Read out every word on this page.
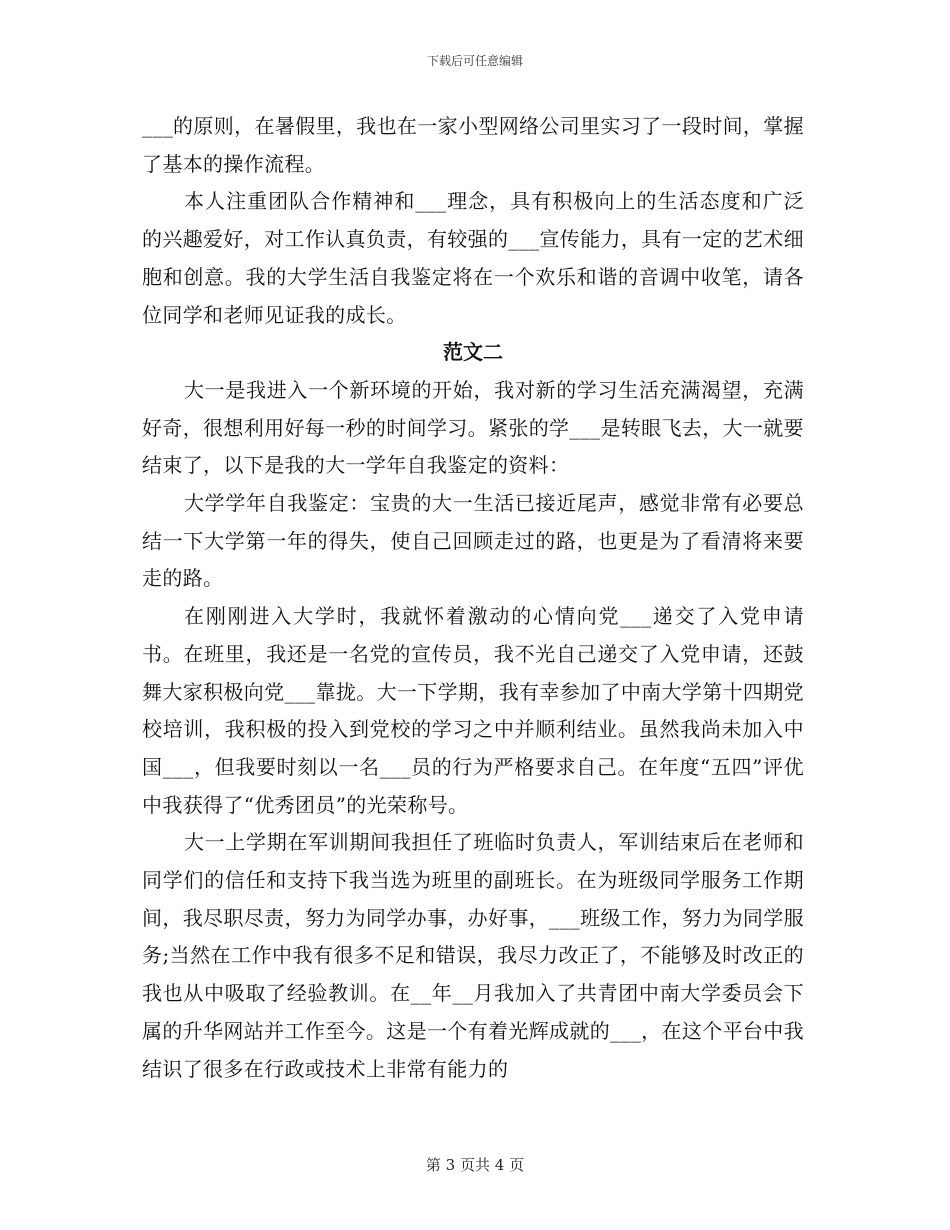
下载后可任意编辑

___的原则，在暑假里，我也在一家小型网络公司里实习了一段时间，掌握了基本的操作流程。

本人注重团队合作精神和___理念，具有积极向上的生活态度和广泛的兴趣爱好，对工作认真负责，有较强的___宣传能力，具有一定的艺术细胞和创意。我的大学生活自我鉴定将在一个欢乐和谐的音调中收笔，请各位同学和老师见证我的成长。

范文二

大一是我进入一个新环境的开始，我对新的学习生活充满渴望，充满好奇，很想利用好每一秒的时间学习。紧张的学___是转眼飞去，大一就要结束了，以下是我的大一学年自我鉴定的资料：

大学学年自我鉴定：宝贵的大一生活已接近尾声，感觉非常有必要总结一下大学第一年的得失，使自己回顾走过的路，也更是为了看清将来要走的路。

在刚刚进入大学时，我就怀着激动的心情向党___递交了入党申请书。在班里，我还是一名党的宣传员，我不光自己递交了入党申请，还鼓舞大家积极向党___靠拢。大一下学期，我有幸参加了中南大学第十四期党校培训，我积极的投入到党校的学习之中并顺利结业。虽然我尚未加入中国___，但我要时刻以一名___员的行为严格要求自己。在年度“五四”评优中我获得了“优秀团员”的光荣称号。

大一上学期在军训期间我担任了班临时负责人，军训结束后在老师和同学们的信任和支持下我当选为班里的副班长。在为班级同学服务工作期间，我尽职尽责，努力为同学办事，办好事，___班级工作，努力为同学服务;当然在工作中我有很多不足和错误，我尽力改正了，不能够及时改正的我也从中吸取了经验教训。在__年__月我加入了共青团中南大学委员会下属的升华网站并工作至今。这是一个有着光辉成就的___，在这个平台中我结识了很多在行政或技术上非常有能力的

第 3 页共 4 页
